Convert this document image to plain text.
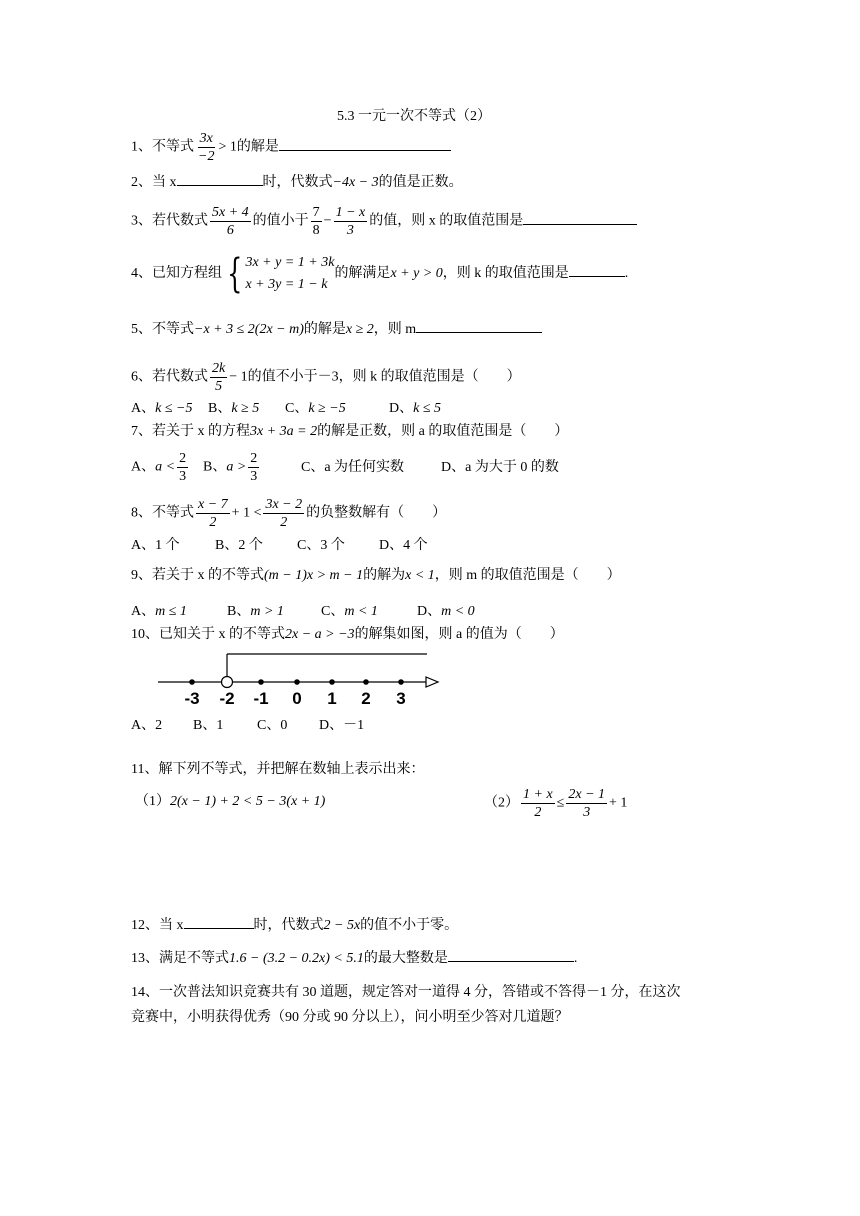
5.3 一元一次不等式（2）
1、不等式 $\frac{3x}{-2} > 1$的解是
2、当 x	时，代数式−4x − 3的值是正数。
3、若代数式 $\frac{5x + 4}{6}$ 的值小于 $\frac{7}{8} - \frac{1 - x}{3}$ 的值，则 x 的取值范围是
4、已知方程组 { 3x + y = 1 + 3k
x + 3y = 1 − k
的解满足x + y > 0，则 k 的取值范围是	.
5、不等式−x + 3 ≤ 2(2x − m)的解是x ≥ 2，则 m
6、若代数式 $\frac{2k}{5} - 1$的值不小于－3，则 k 的取值范围是（　　）
A、k ≤ −5 B、k ≥ 5 C、k ≥ −5	D、k ≤ 5
7、若关于 x 的方程3x + 3a = 2的解是正数，则 a 的取值范围是（　　）
A、$a < \frac{2}{3}$ B、$a > \frac{2}{3}$	C、a 为任何实数	D、a 为大于 0 的数
8、不等式 $\frac{x - 7}{2} + 1 < \frac{3x - 2}{2}$ 的负整数解有（　　）
A、1 个	B、2 个 C、3 个 D、4 个
9、若关于 x 的不等式(m − 1)x > m − 1的解为x < 1，则 m 的取值范围是（　　）
A、m ≤ 1	B、m > 1	C、m < 1	D、m < 0
10、已知关于 x 的不等式2x − a > −3的解集如图，则 a 的值为（　　）
-3 -2 -1 0 1 2 3
A、2 B、1 C、0 D、－1
11、解下列不等式，并把解在数轴上表示出来：
（1）2(x − 1) + 2 < 5 − 3(x + 1)	$(2) \frac{1 + x}{2} \le \frac{2x - 1}{3} + 1$
12、当 x	时，代数式2 − 5x的值不小于零。
13、满足不等式1.6 − (3.2 − 0.2x) < 5.1的最大整数是	.
14、一次普法知识竞赛共有 30 道题，规定答对一道得 4 分，答错或不答得－1 分，在这次
竞赛中，小明获得优秀（90 分或 90 分以上），问小明至少答对几道题？
